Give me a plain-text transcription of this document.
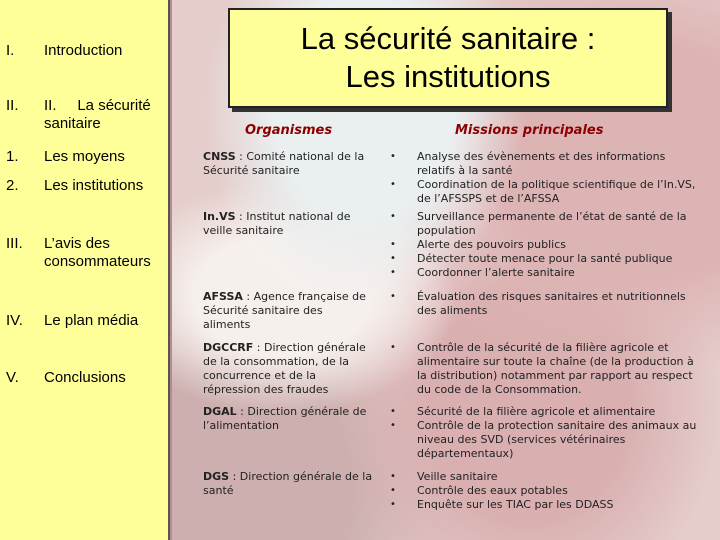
I. Introduction
II. II.     La sécurité sanitaire
1. Les moyens
2. Les institutions
III. L’avis des consommateurs
IV. Le plan média
V. Conclusions
La sécurité sanitaire :
Les institutions
Organismes	Missions principales
CNSS : Comité national de la Sécurité sanitaire
• Analyse des évènements et des informations relatifs à la santé
• Coordination de la politique scientifique de l’In.VS, de l’AFSSPS et de l’AFSSA
In.VS : Institut national de veille sanitaire
• Surveillance permanente de l’état de santé de la population
• Alerte des pouvoirs publics
• Détecter toute menace pour la santé publique
• Coordonner l’alerte sanitaire
AFSSA : Agence française de Sécurité sanitaire des aliments
• Évaluation des risques sanitaires et nutritionnels des aliments
DGCCRF : Direction générale de la consommation, de la concurrence et de la répression des fraudes
• Contrôle de la sécurité de la filière agricole et alimentaire sur toute la chaîne (de la production à la distribution) notamment par rapport au respect du code de la Consommation.
DGAL : Direction générale de l’alimentation
• Sécurité de la filière agricole et alimentaire
• Contrôle de la protection sanitaire des animaux au niveau des SVD (services vétérinaires départementaux)
DGS : Direction générale de la santé
• Veille sanitaire
• Contrôle des eaux potables
• Enquête sur les TIAC par les DDASS
